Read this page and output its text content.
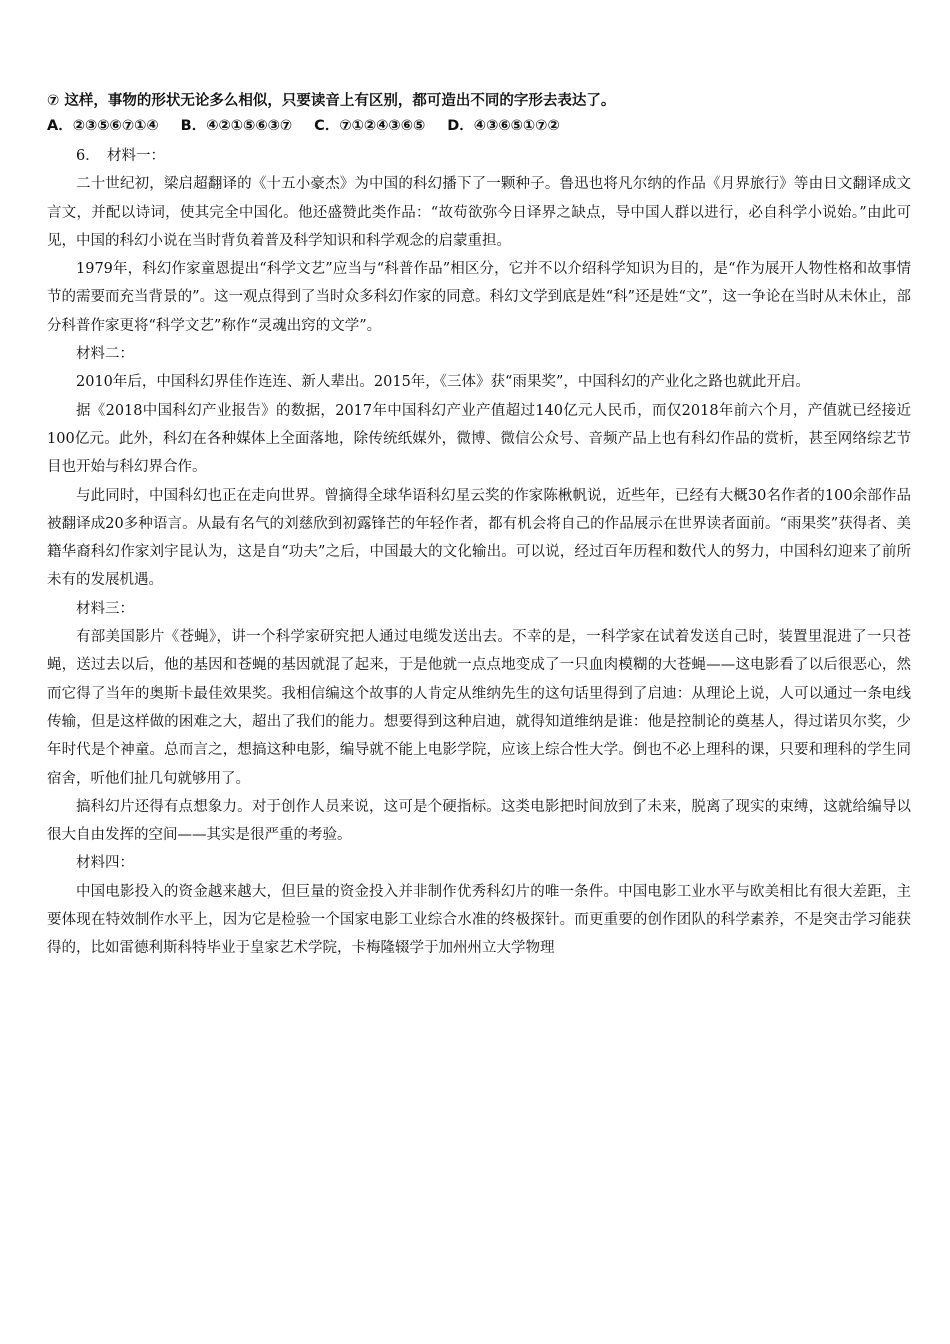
⑦ 这样，事物的形状无论多么相似，只要读音上有区别，都可造出不同的字形去表达了。
A．②③⑤⑥⑦①④ B．④②①⑤⑥③⑦ C．⑦①②④③⑥⑤ D．④③⑥⑤①⑦②

6．　材料一：

二十世纪初，梁启超翻译的《十五小豪杰》为中国的科幻播下了一颗种子。鲁迅也将凡尔纳的作品《月界旅行》等由日文翻译成文言文，并配以诗词，使其完全中国化。他还盛赞此类作品：“故苟欲弥今日译界之缺点，导中国人群以进行，必自科学小说始。”由此可见，中国的科幻小说在当时背负着普及科学知识和科学观念的启蒙重担。

1979年，科幻作家童恩提出“科学文艺”应当与“科普作品”相区分，它并不以介绍科学知识为目的，是“作为展开人物性格和故事情节的需要而充当背景的”。这一观点得到了当时众多科幻作家的同意。科幻文学到底是姓“科”还是姓“文”，这一争论在当时从未休止，部分科普作家更将“科学文艺”称作“灵魂出窍的文学”。

材料二：

2010年后，中国科幻界佳作连连、新人辈出。2015年，《三体》获“雨果奖”，中国科幻的产业化之路也就此开启。

据《2018中国科幻产业报告》的数据，2017年中国科幻产业产值超过140亿元人民币，而仅2018年前六个月，产值就已经接近100亿元。此外，科幻在各种媒体上全面落地，除传统纸媒外，微博、微信公众号、音频产品上也有科幻作品的赏析，甚至网络综艺节目也开始与科幻界合作。

与此同时，中国科幻也正在走向世界。曾摘得全球华语科幻星云奖的作家陈楸帆说，近些年，已经有大概30名作者的100余部作品被翻译成20多种语言。从最有名气的刘慈欣到初露锋芒的年轻作者，都有机会将自己的作品展示在世界读者面前。“雨果奖”获得者、美籍华裔科幻作家刘宇昆认为，这是自“功夫”之后，中国最大的文化输出。可以说，经过百年历程和数代人的努力，中国科幻迎来了前所未有的发展机遇。

材料三：

有部美国影片《苍蝇》，讲一个科学家研究把人通过电缆发送出去。不幸的是，一科学家在试着发送自己时，装置里混进了一只苍蝇，送过去以后，他的基因和苍蝇的基因就混了起来，于是他就一点点地变成了一只血肉模糊的大苍蝇——这电影看了以后很恶心，然而它得了当年的奥斯卡最佳效果奖。我相信编这个故事的人肯定从维纳先生的这句话里得到了启迪：从理论上说，人可以通过一条电线传输，但是这样做的困难之大，超出了我们的能力。想要得到这种启迪，就得知道维纳是谁：他是控制论的奠基人，得过诺贝尔奖，少年时代是个神童。总而言之，想搞这种电影，编导就不能上电影学院，应该上综合性大学。倒也不必上理科的课，只要和理科的学生同宿舍，听他们扯几句就够用了。

搞科幻片还得有点想象力。对于创作人员来说，这可是个硬指标。这类电影把时间放到了未来，脱离了现实的束缚，这就给编导以很大自由发挥的空间——其实是很严重的考验。

材料四：

中国电影投入的资金越来越大，但巨量的资金投入并非制作优秀科幻片的唯一条件。中国电影工业水平与欧美相比有很大差距，主要体现在特效制作水平上，因为它是检验一个国家电影工业综合水准的终极探针。而更重要的创作团队的科学素养，不是突击学习能获得的，比如雷德利斯科特毕业于皇家艺术学院，卡梅隆辍学于加州州立大学物理
